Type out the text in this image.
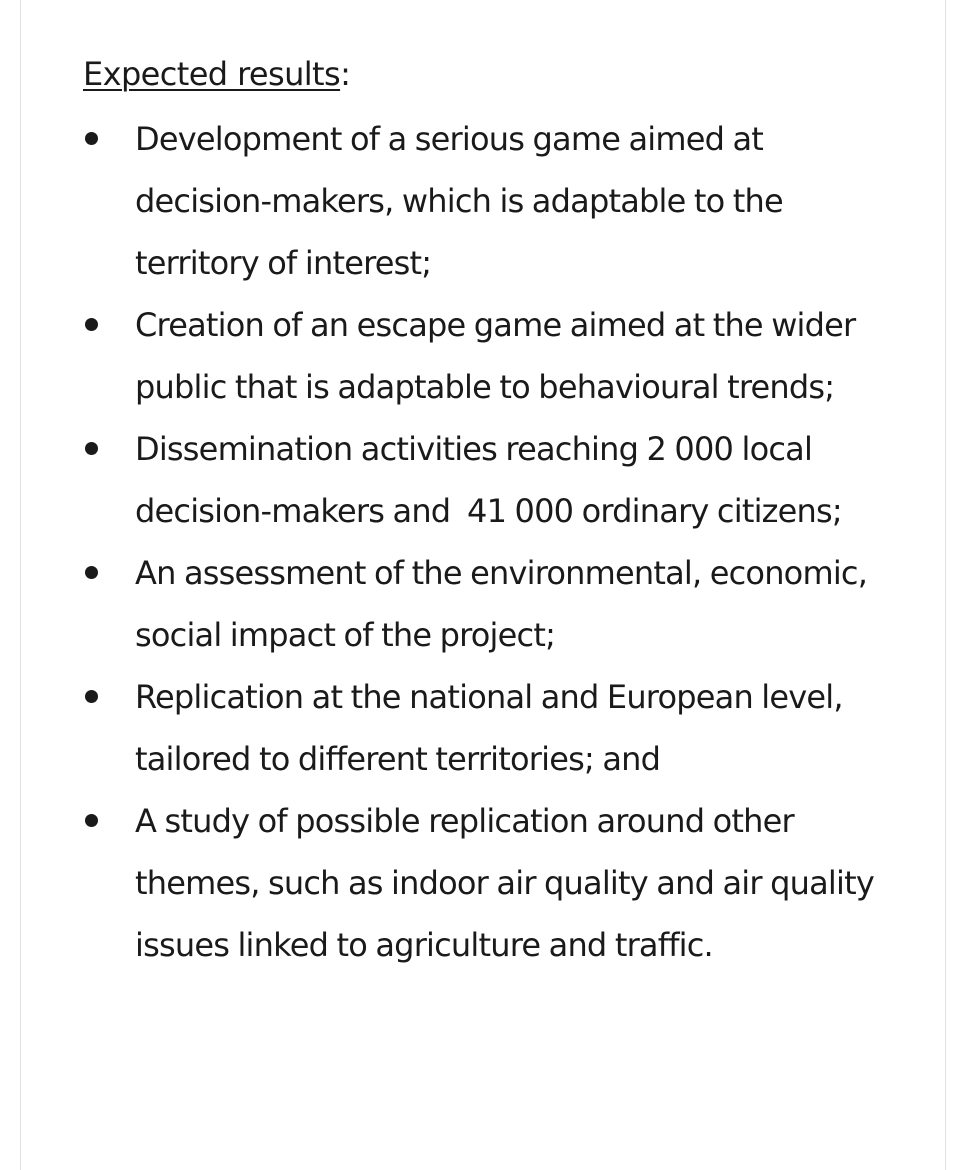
Expected results:
Development of a serious game aimed at decision-makers, which is adaptable to the territory of interest;
Creation of an escape game aimed at the wider public that is adaptable to behavioural trends;
Dissemination activities reaching 2 000 local decision-makers and  41 000 ordinary citizens;
An assessment of the environmental, economic, social impact of the project;
Replication at the national and European level, tailored to different territories; and
A study of possible replication around other themes, such as indoor air quality and air quality issues linked to agriculture and traffic.
